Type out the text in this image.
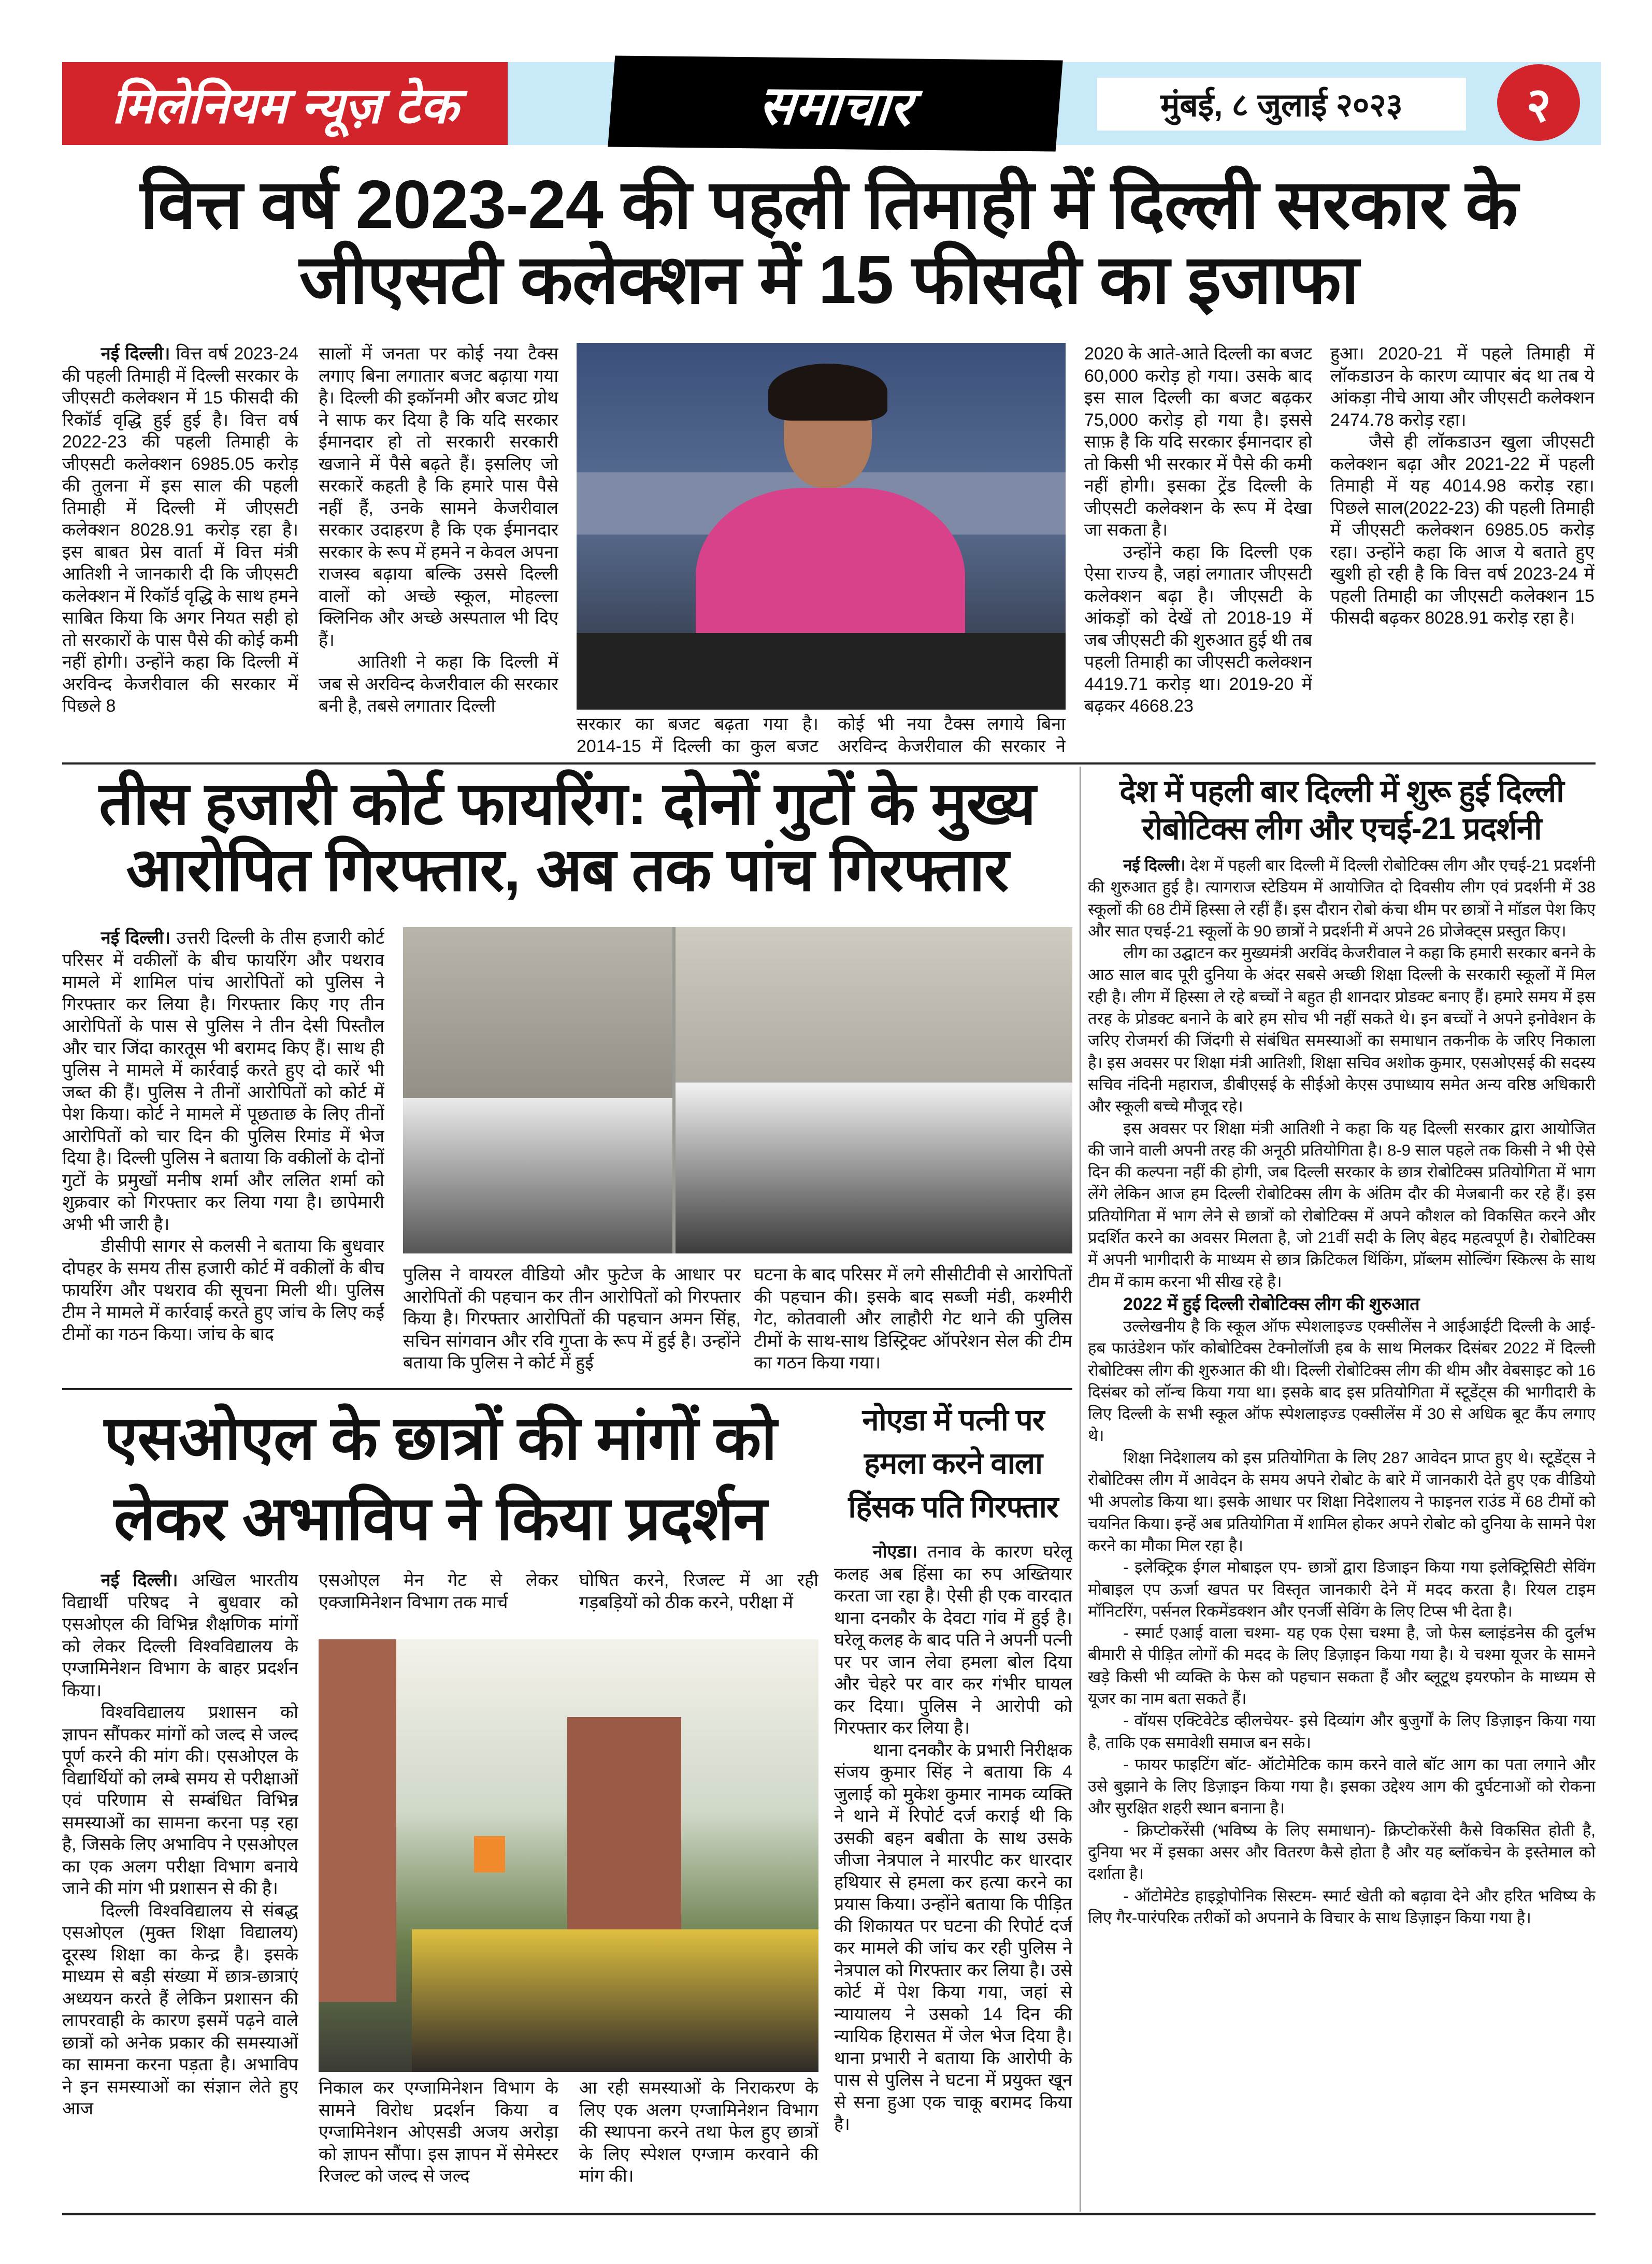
मिलेनियम न्यूज़ टेक	समाचार	मुंबई, ८ जुलाई २०२३	२
वित्त वर्ष 2023-24 की पहली तिमाही में दिल्ली सरकार के
जीएसटी कलेक्शन में 15 फीसदी का इजाफा

नई दिल्ली। वित्त वर्ष 2023-24 की पहली तिमाही में दिल्ली सरकार के जीएसटी कलेक्शन में 15 फीसदी की रिकॉर्ड वृद्धि हुई हुई है। वित्त वर्ष 2022-23 की पहली तिमाही के जीएसटी कलेक्शन 6985.05 करोड़ की तुलना में इस साल की पहली तिमाही में दिल्ली में जीएसटी कलेक्शन 8028.91 करोड़ रहा है। इस बाबत प्रेस वार्ता में वित्त मंत्री आतिशी ने जानकारी दी कि जीएसटी कलेक्शन में रिकॉर्ड वृद्धि के साथ हमने साबित किया कि अगर नियत सही हो तो सरकारों के पास पैसे की कोई कमी नहीं होगी। उन्होंने कहा कि दिल्ली में अरविन्द केजरीवाल की सरकार में पिछले 8

सालों में जनता पर कोई नया टैक्स लगाए बिना लगातार बजट बढ़ाया गया है। दिल्ली की इकॉनमी और बजट ग्रोथ ने साफ कर दिया है कि यदि सरकार ईमानदार हो तो सरकारी सरकारी खजाने में पैसे बढ़ते हैं। इसलिए जो सरकारें कहती है कि हमारे पास पैसे नहीं हैं, उनके सामने केजरीवाल सरकार उदाहरण है कि एक ईमानदार सरकार के रूप में हमने न केवल अपना राजस्व बढ़ाया बल्कि उससे दिल्ली वालों को अच्छे स्कूल, मोहल्ला क्लिनिक और अच्छे अस्पताल भी दिए हैं।

आतिशी ने कहा कि दिल्ली में जब से अरविन्द केजरीवाल की सरकार बनी है, तबसे लगातार दिल्ली

सरकार का बजट बढ़ता गया है। 2014-15 में दिल्ली का कुल बजट

कोई भी नया टैक्स लगाये बिना अरविन्द केजरीवाल की सरकार ने

2020 के आते-आते दिल्ली का बजट 60,000 करोड़ हो गया। उसके बाद इस साल दिल्ली का बजट बढ़कर 75,000 करोड़ हो गया है। इससे साफ़ है कि यदि सरकार ईमानदार हो तो किसी भी सरकार में पैसे की कमी नहीं होगी। इसका ट्रेंड दिल्ली के जीएसटी कलेक्शन के रूप में देखा जा सकता है।

उन्होंने कहा कि दिल्ली एक ऐसा राज्य है, जहां लगातार जीएसटी कलेक्शन बढ़ा है। जीएसटी के आंकड़ों को देखें तो 2018-19 में जब जीएसटी की शुरुआत हुई थी तब पहली तिमाही का जीएसटी कलेक्शन 4419.71 करोड़ था। 2019-20 में बढ़कर 4668.23

हुआ। 2020-21 में पहले तिमाही में लॉकडाउन के कारण व्यापार बंद था तब ये आंकड़ा नीचे आया और जीएसटी कलेक्शन 2474.78 करोड़ रहा।

जैसे ही लॉकडाउन खुला जीएसटी कलेक्शन बढ़ा और 2021-22 में पहली तिमाही में यह 4014.98 करोड़ रहा। पिछले साल(2022-23) की पहली तिमाही में जीएसटी कलेक्शन 6985.05 करोड़ रहा। उन्होंने कहा कि आज ये बताते हुए खुशी हो रही है कि वित्त वर्ष 2023-24 में पहली तिमाही का जीएसटी कलेक्शन 15 फीसदी बढ़कर 8028.91 करोड़ रहा है।

तीस हजारी कोर्ट फायरिंग: दोनों गुटों के मुख्य
आरोपित गिरफ्तार, अब तक पांच गिरफ्तार

नई दिल्ली। उत्तरी दिल्ली के तीस हजारी कोर्ट परिसर में वकीलों के बीच फायरिंग और पथराव मामले में शामिल पांच आरोपितों को पुलिस ने गिरफ्तार कर लिया है। गिरफ्तार किए गए तीन आरोपितों के पास से पुलिस ने तीन देसी पिस्तौल और चार जिंदा कारतूस भी बरामद किए हैं। साथ ही पुलिस ने मामले में कार्रवाई करते हुए दो कारें भी जब्त की हैं। पुलिस ने तीनों आरोपितों को कोर्ट में पेश किया। कोर्ट ने मामले में पूछताछ के लिए तीनों आरोपितों को चार दिन की पुलिस रिमांड में भेज दिया है। दिल्ली पुलिस ने बताया कि वकीलों के दोनों गुटों के प्रमुखों मनीष शर्मा और ललित शर्मा को शुक्रवार को गिरफ्तार कर लिया गया है। छापेमारी अभी भी जारी है।

डीसीपी सागर से कलसी ने बताया कि बुधवार दोपहर के समय तीस हजारी कोर्ट में वकीलों के बीच फायरिंग और पथराव की सूचना मिली थी। पुलिस टीम ने मामले में कार्रवाई करते हुए जांच के लिए कई टीमों का गठन किया। जांच के बाद

पुलिस ने वायरल वीडियो और फुटेज के आधार पर आरोपितों की पहचान कर तीन आरोपितों को गिरफ्तार किया है। गिरफ्तार आरोपितों की पहचान अमन सिंह, सचिन सांगवान और रवि गुप्ता के रूप में हुई है। उन्होंने बताया कि पुलिस ने कोर्ट में हुई

घटना के बाद परिसर में लगे सीसीटीवी से आरोपितों की पहचान की। इसके बाद सब्जी मंडी, कश्मीरी गेट, कोतवाली और लाहौरी गेट थाने की पुलिस टीमों के साथ-साथ डिस्ट्रिक्ट ऑपरेशन सेल की टीम का गठन किया गया।

देश में पहली बार दिल्ली में शुरू हुई दिल्ली
रोबोटिक्स लीग और एचई-21 प्रदर्शनी

नई दिल्ली। देश में पहली बार दिल्ली में दिल्ली रोबोटिक्स लीग और एचई-21 प्रदर्शनी की शुरुआत हुई है। त्यागराज स्टेडियम में आयोजित दो दिवसीय लीग एवं प्रदर्शनी में 38 स्कूलों की 68 टीमें हिस्सा ले रहीं हैं। इस दौरान रोबो कंचा थीम पर छात्रों ने मॉडल पेश किए और सात एचई-21 स्कूलों के 90 छात्रों ने प्रदर्शनी में अपने 26 प्रोजेक्ट्स प्रस्तुत किए।

लीग का उद्घाटन कर मुख्यमंत्री अरविंद केजरीवाल ने कहा कि हमारी सरकार बनने के आठ साल बाद पूरी दुनिया के अंदर सबसे अच्छी शिक्षा दिल्ली के सरकारी स्कूलों में मिल रही है। लीग में हिस्सा ले रहे बच्चों ने बहुत ही शानदार प्रोडक्ट बनाए हैं। हमारे समय में इस तरह के प्रोडक्ट बनाने के बारे हम सोच भी नहीं सकते थे। इन बच्चों ने अपने इनोवेशन के जरिए रोजमर्रा की जिंदगी से संबंधित समस्याओं का समाधान तकनीक के जरिए निकाला है। इस अवसर पर शिक्षा मंत्री आतिशी, शिक्षा सचिव अशोक कुमार, एसओएसई की सदस्य सचिव नंदिनी महाराज, डीबीएसई के सीईओ केएस उपाध्याय समेत अन्य वरिष्ठ अधिकारी और स्कूली बच्चे मौजूद रहे।

इस अवसर पर शिक्षा मंत्री आतिशी ने कहा कि यह दिल्ली सरकार द्वारा आयोजित की जाने वाली अपनी तरह की अनूठी प्रतियोगिता है। 8-9 साल पहले तक किसी ने भी ऐसे दिन की कल्पना नहीं की होगी, जब दिल्ली सरकार के छात्र रोबोटिक्स प्रतियोगिता में भाग लेंगे लेकिन आज हम दिल्ली रोबोटिक्स लीग के अंतिम दौर की मेजबानी कर रहे हैं। इस प्रतियोगिता में भाग लेने से छात्रों को रोबोटिक्स में अपने कौशल को विकसित करने और प्रदर्शित करने का अवसर मिलता है, जो 21वीं सदी के लिए बेहद महत्वपूर्ण है। रोबोटिक्स में अपनी भागीदारी के माध्यम से छात्र क्रिटिकल थिंकिंग, प्रॉब्लम सोल्विंग स्किल्स के साथ टीम में काम करना भी सीख रहे है।

2022 में हुई दिल्ली रोबोटिक्स लीग की शुरुआत

उल्लेखनीय है कि स्कूल ऑफ स्पेशलाइज्ड एक्सीलेंस ने आईआईटी दिल्ली के आई-हब फाउंडेशन फॉर कोबोटिक्स टेक्नोलॉजी हब के साथ मिलकर दिसंबर 2022 में दिल्ली रोबोटिक्स लीग की शुरुआत की थी। दिल्ली रोबोटिक्स लीग की थीम और वेबसाइट को 16 दिसंबर को लॉन्च किया गया था। इसके बाद इस प्रतियोगिता में स्टूडेंट्स की भागीदारी के लिए दिल्ली के सभी स्कूल ऑफ स्पेशलाइज्ड एक्सीलेंस में 30 से अधिक बूट कैंप लगाए थे।

शिक्षा निदेशालय को इस प्रतियोगिता के लिए 287 आवेदन प्राप्त हुए थे। स्टूडेंट्स ने रोबोटिक्स लीग में आवेदन के समय अपने रोबोट के बारे में जानकारी देते हुए एक वीडियो भी अपलोड किया था। इसके आधार पर शिक्षा निदेशालय ने फाइनल राउंड में 68 टीमों को चयनित किया। इन्हें अब प्रतियोगिता में शामिल होकर अपने रोबोट को दुनिया के सामने पेश करने का मौका मिल रहा है।

- इलेक्ट्रिक ईगल मोबाइल एप- छात्रों द्वारा डिजाइन किया गया इलेक्ट्रिसिटी सेविंग मोबाइल एप ऊर्जा खपत पर विस्तृत जानकारी देने में मदद करता है। रियल टाइम मॉनिटरिंग, पर्सनल रिकमेंडक्शन और एनर्जी सेविंग के लिए टिप्स भी देता है।

- स्मार्ट एआई वाला चश्मा- यह एक ऐसा चश्मा है, जो फेस ब्लाइंडनेस की दुर्लभ बीमारी से पीड़ित लोगों की मदद के लिए डिज़ाइन किया गया है। ये चश्मा यूजर के सामने खड़े किसी भी व्यक्ति के फेस को पहचान सकता हैं और ब्लूटूथ इयरफोन के माध्यम से यूजर का नाम बता सकते हैं।

- वॉयस एक्टिवेटेड व्हीलचेयर- इसे दिव्यांग और बुजुर्गों के लिए डिज़ाइन किया गया है, ताकि एक समावेशी समाज बन सके।

- फायर फाइटिंग बॉट- ऑटोमेटिक काम करने वाले बॉट आग का पता लगाने और उसे बुझाने के लिए डिज़ाइन किया गया है। इसका उद्देश्य आग की दुर्घटनाओं को रोकना और सुरक्षित शहरी स्थान बनाना है।

- क्रिप्टोकरेंसी (भविष्य के लिए समाधान)- क्रिप्टोकरेंसी कैसे विकसित होती है, दुनिया भर में इसका असर और वितरण कैसे होता है और यह ब्लॉकचेन के इस्तेमाल को दर्शाता है।

- ऑटोमेटेड हाइड्रोपोनिक सिस्टम- स्मार्ट खेती को बढ़ावा देने और हरित भविष्य के लिए गैर-पारंपरिक तरीकों को अपनाने के विचार के साथ डिज़ाइन किया गया है।

एसओएल के छात्रों की मांगों को
लेकर अभाविप ने किया प्रदर्शन

नई दिल्ली। अखिल भारतीय विद्यार्थी परिषद ने बुधवार को एसओएल की विभिन्न शैक्षणिक मांगों को लेकर दिल्ली विश्वविद्यालय के एग्जामिनेशन विभाग के बाहर प्रदर्शन किया।

विश्वविद्यालय प्रशासन को ज्ञापन सौंपकर मांगों को जल्द से जल्द पूर्ण करने की मांग की। एसओएल के विद्यार्थियों को लम्बे समय से परीक्षाओं एवं परिणाम से सम्बंधित विभिन्न समस्याओं का सामना करना पड़ रहा है, जिसके लिए अभाविप ने एसओएल का एक अलग परीक्षा विभाग बनाये जाने की मांग भी प्रशासन से की है।

दिल्ली विश्वविद्यालय से संबद्ध एसओएल (मुक्त शिक्षा विद्यालय) दूरस्थ शिक्षा का केन्द्र है। इसके माध्यम से बड़ी संख्या में छात्र-छात्राएं अध्ययन करते हैं लेकिन प्रशासन की लापरवाही के कारण इसमें पढ़ने वाले छात्रों को अनेक प्रकार की समस्याओं का सामना करना पड़ता है। अभाविप ने इन समस्याओं का संज्ञान लेते हुए आज

एसओएल मेन गेट से लेकर एक्जामिनेशन विभाग तक मार्च

घोषित करने, रिजल्ट में आ रही गड़बड़ियों को ठीक करने, परीक्षा में

निकाल कर एग्जामिनेशन विभाग के सामने विरोध प्रदर्शन किया व एग्जामिनेशन ओएसडी अजय अरोड़ा को ज्ञापन सौंपा। इस ज्ञापन में सेमेस्टर रिजल्ट को जल्द से जल्द

आ रही समस्याओं के निराकरण के लिए एक अलग एग्जामिनेशन विभाग की स्थापना करने तथा फेल हुए छात्रों के लिए स्पेशल एग्जाम करवाने की मांग की।

नोएडा में पत्नी पर
हमला करने वाला
हिंसक पति गिरफ्तार

नोएडा। तनाव के कारण घरेलू कलह अब हिंसा का रुप अख्तियार करता जा रहा है। ऐसी ही एक वारदात थाना दनकौर के देवटा गांव में हुई है। घरेलू कलह के बाद पति ने अपनी पत्नी पर पर जान लेवा हमला बोल दिया और चेहरे पर वार कर गंभीर घायल कर दिया। पुलिस ने आरोपी को गिरफ्तार कर लिया है।

थाना दनकौर के प्रभारी निरीक्षक संजय कुमार सिंह ने बताया कि 4 जुलाई को मुकेश कुमार नामक व्यक्ति ने थाने में रिपोर्ट दर्ज कराई थी कि उसकी बहन बबीता के साथ उसके जीजा नेत्रपाल ने मारपीट कर धारदार हथियार से हमला कर हत्या करने का प्रयास किया। उन्होंने बताया कि पीड़ित की शिकायत पर घटना की रिपोर्ट दर्ज कर मामले की जांच कर रही पुलिस ने नेत्रपाल को गिरफ्तार कर लिया है। उसे कोर्ट में पेश किया गया, जहां से न्यायालय ने उसको 14 दिन की न्यायिक हिरासत में जेल भेज दिया है। थाना प्रभारी ने बताया कि आरोपी के पास से पुलिस ने घटना में प्रयुक्त खून से सना हुआ एक चाकू बरामद किया है।
